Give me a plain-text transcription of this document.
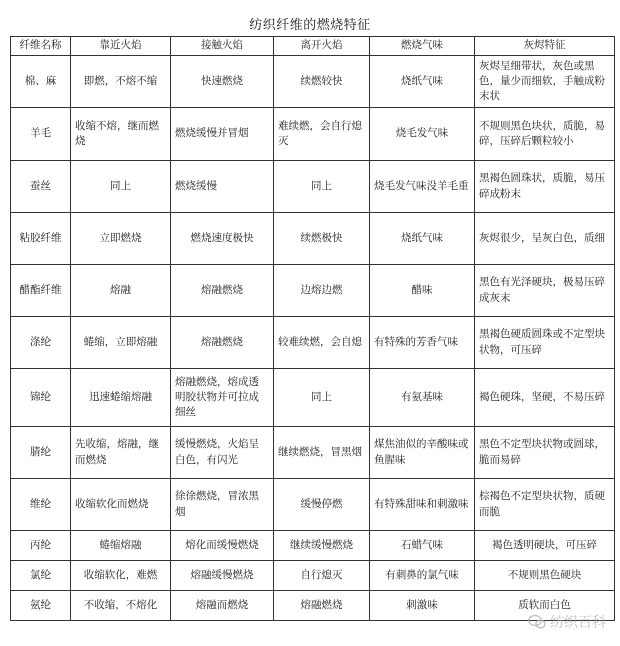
纺织纤维的燃烧特征
纤维名称	靠近火焰	接触火焰	离开火焰	燃烧气味	灰烬特征
棉、麻	即燃，不熔不缩	快速燃烧	续燃较快	烧纸气味	灰烬呈细带状，灰色或黑色，量少而细软，手触成粉末状
羊毛	收缩不熔，继而燃烧	燃烧缓慢并冒烟	难续燃，会自行熄灭	烧毛发气味	不规则黑色块状，质脆，易碎，压碎后颗粒较小
蚕丝	同上	燃烧缓慢	同上	烧毛发气味没羊毛重	黑褐色圆珠状，质脆，易压碎成粉末
粘胶纤维	立即燃烧	燃烧速度极快	续燃极快	烧纸气味	灰烬很少，呈灰白色，质细
醋酯纤维	熔融	熔融燃烧	边熔边燃	醋味	黑色有光泽硬块，极易压碎成灰末
涤纶	蜷缩，立即熔融	熔融燃烧	较难续燃，会自熄	有特殊的芳香气味	黑褐色硬质圆珠或不定型块状物，可压碎
锦纶	迅速蜷缩熔融	熔融燃烧，熔成透明胶状物并可拉成细丝	同上	有氨基味	褐色硬珠，坚硬，不易压碎
腈纶	先收缩，熔融，继而燃烧	缓慢燃烧，火焰呈白色，有闪光	继续燃烧，冒黑烟	煤焦油似的辛酸味或鱼腥味	黑色不定型块状物或圆球，脆而易碎
维纶	收缩软化而燃烧	徐徐燃烧，冒浓黑烟	缓慢停燃	有特殊甜味和刺激味	棕褐色不定型块状物，质硬而脆
丙纶	蜷缩熔融	熔化而缓慢燃烧	继续缓慢燃烧	石蜡气味	褐色透明硬块，可压碎
氯纶	收缩软化，难燃	熔融缓慢燃烧	自行熄灭	有刺鼻的氯气味	不规则黑色硬块
氨纶	不收缩，不熔化	熔融而燃烧	熔融燃烧	刺激味	质软而白色
纺织百科
